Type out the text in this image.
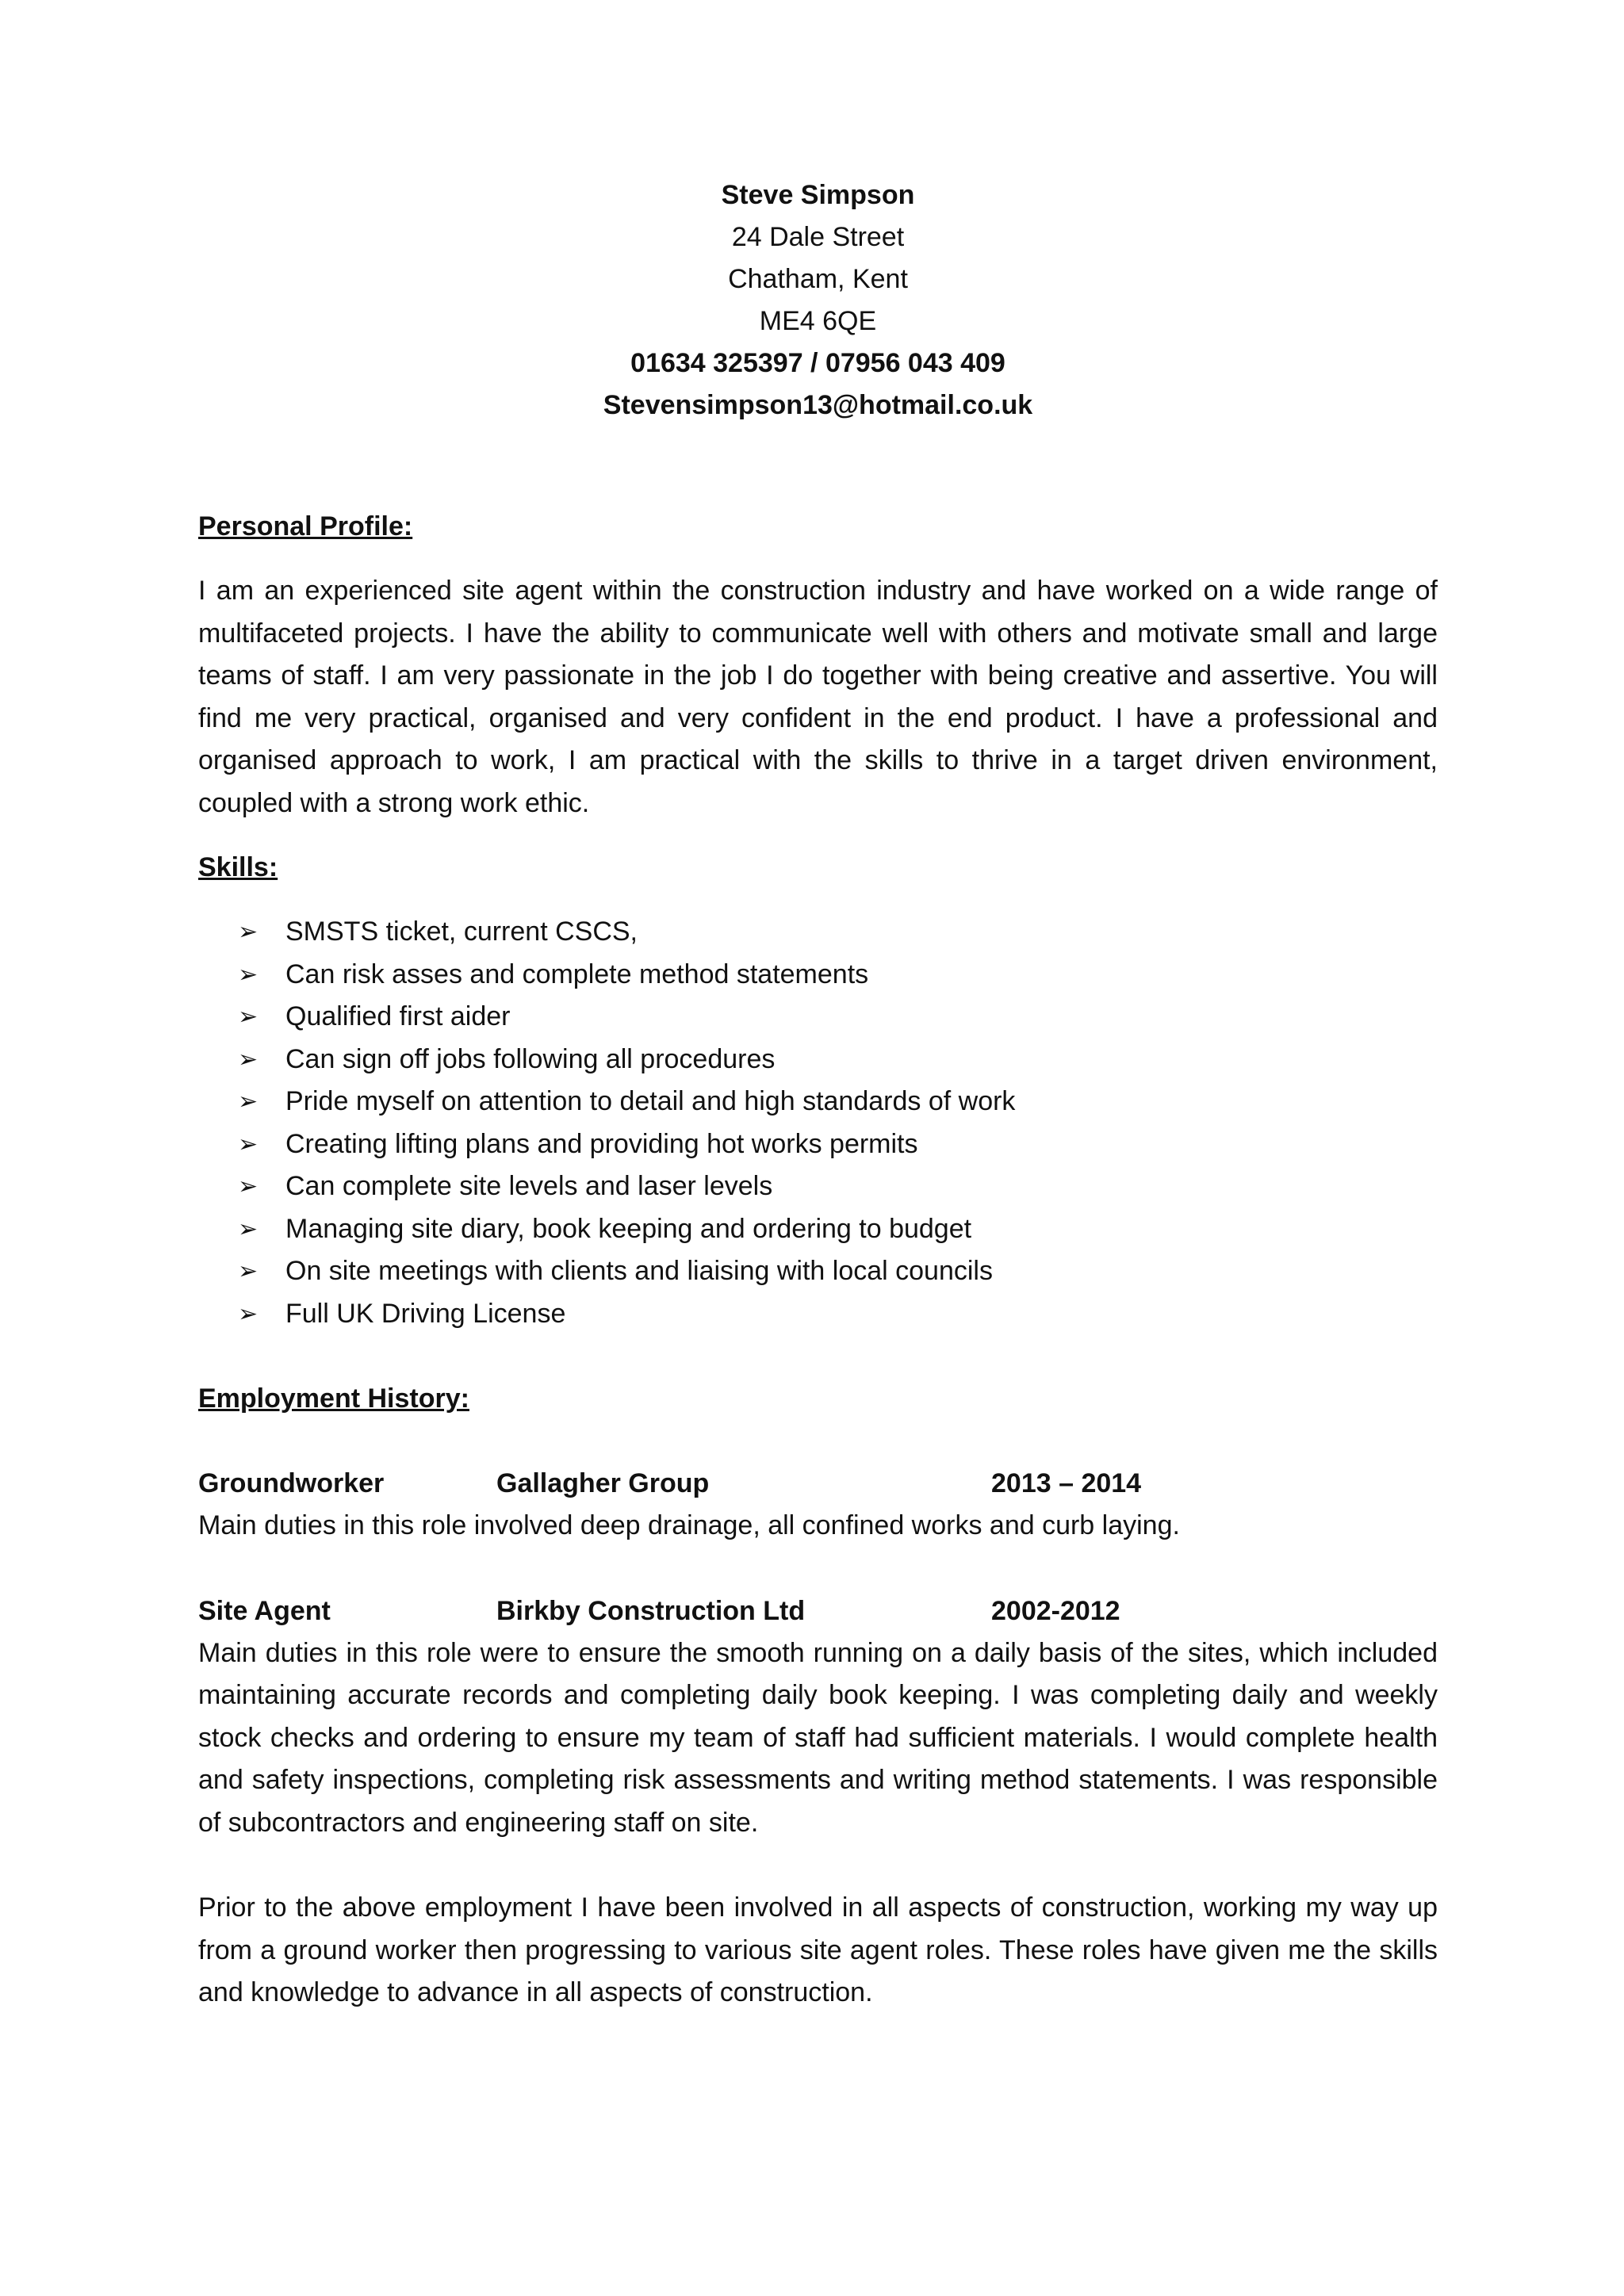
Steve Simpson
24 Dale Street
Chatham, Kent
ME4 6QE
01634 325397 / 07956 043 409
Stevensimpson13@hotmail.co.uk
Personal Profile:

I am an experienced site agent within the construction industry and have worked on a wide range of multifaceted projects. I have the ability to communicate well with others and motivate small and large teams of staff. I am very passionate in the job I do together with being creative and assertive. You will find me very practical, organised and very confident in the end product. I have a professional and organised approach to work, I am practical with the skills to thrive in a target driven environment, coupled with a strong work ethic.

Skills:
➢	SMSTS ticket, current CSCS,
➢	Can risk asses and complete method statements
➢	Qualified first aider
➢	Can sign off jobs following all procedures
➢	Pride myself on attention to detail and high standards of work
➢	Creating lifting plans and providing hot works permits
➢	Can complete site levels and laser levels
➢	Managing site diary, book keeping and ordering to budget
➢	On site meetings with clients and liaising with local councils
➢	Full UK Driving License
Employment History:
Groundworker	Gallagher Group	2013 – 2014

Main duties in this role involved deep drainage, all confined works and curb laying.

Site Agent	Birkby Construction Ltd	2002-2012

Main duties in this role were to ensure the smooth running on a daily basis of the sites, which included maintaining accurate records and completing daily book keeping. I was completing daily and weekly stock checks and ordering to ensure my team of staff had sufficient materials. I would complete health and safety inspections, completing risk assessments and writing method statements. I was responsible of subcontractors and engineering staff on site.

Prior to the above employment I have been involved in all aspects of construction, working my way up from a ground worker then progressing to various site agent roles. These roles have given me the skills and knowledge to advance in all aspects of construction.
